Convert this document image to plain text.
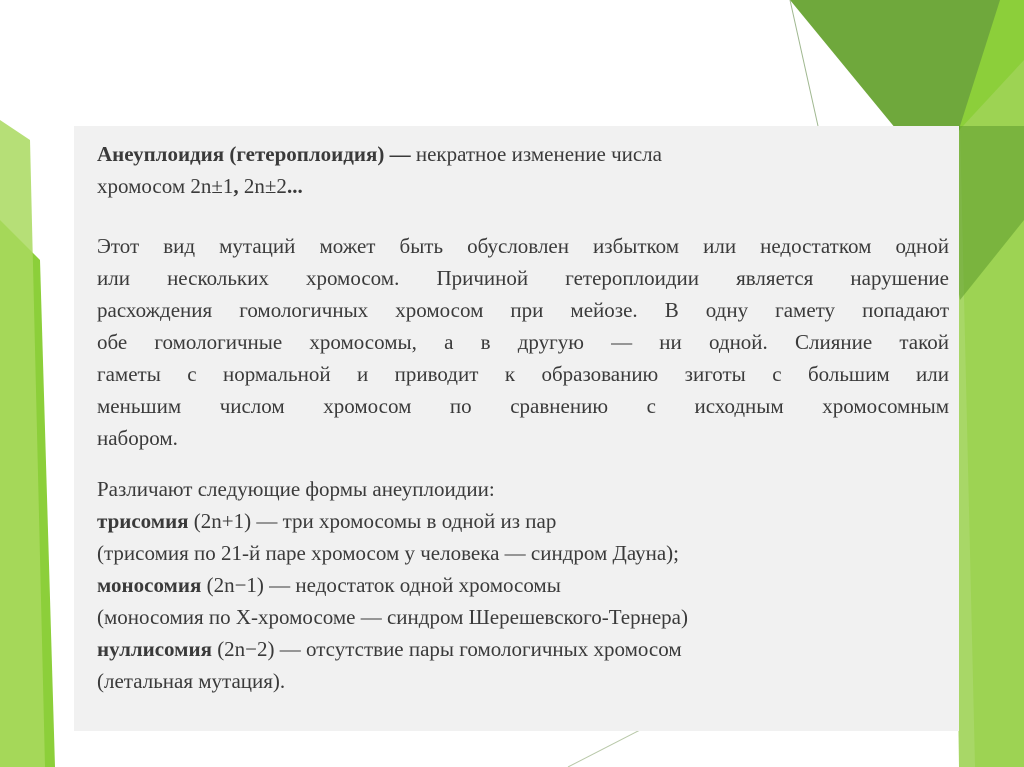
Анеуплоидия (гетероплоидия) — некратное изменение числа
хромосом 2n±1, 2n±2...

Этот вид мутаций может быть обусловлен избытком или недостатком одной
или нескольких хромосом. Причиной гетероплоидии является нарушение
расхождения гомологичных хромосом при мейозе. В одну гамету попадают
обе гомологичные хромосомы, а в другую — ни одной. Слияние такой
гаметы с нормальной и приводит к образованию зиготы с большим или
меньшим числом хромосом по сравнению с исходным хромосомным
набором.
Различают следующие формы анеуплоидии:
трисомия (2n+1) — три хромосомы в одной из пар
(трисомия по 21-й паре хромосом у человека — синдром Дауна);
моносомия (2n−1) — недостаток одной хромосомы
(моносомия по X-хромосоме — синдром Шерешевского-Тернера)
нуллисомия (2n−2) — отсутствие пары гомологичных хромосом
(летальная мутация).
